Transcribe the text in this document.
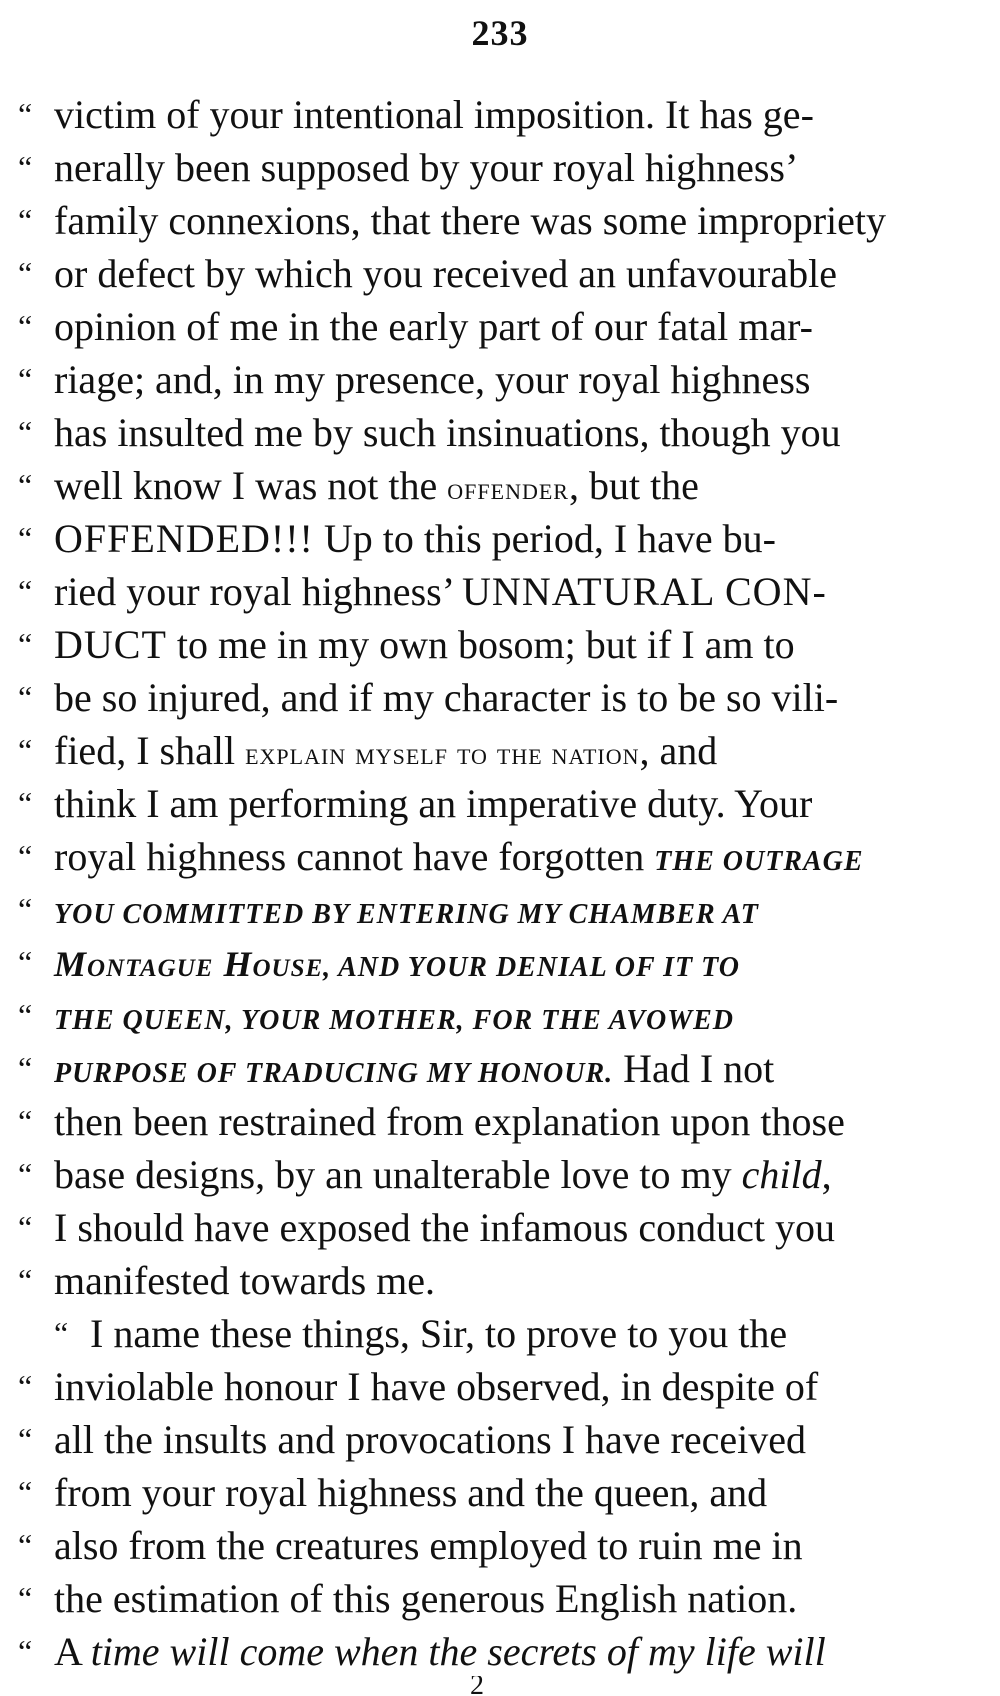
233
“ victim of your intentional imposition. It has ge-
“ nerally been supposed by your royal highness’
“ family connexions, that there was some impropriety
“ or defect by which you received an unfavourable
“ opinion of me in the early part of our fatal mar-
“ riage; and, in my presence, your royal highness
“ has insulted me by such insinuations, though you
“ well know I was not the offender, but the
“ OFFENDED!!! Up to this period, I have bu-
“ ried your royal highness’ UNNATURAL CON-
“ DUCT to me in my own bosom; but if I am to
“ be so injured, and if my character is to be so vili-
“ fied, I shall explain myself to the nation, and
“ think I am performing an imperative duty. Your
“ royal highness cannot have forgotten THE OUTRAGE
“ YOU COMMITTED BY ENTERING MY CHAMBER AT
“ Montague House, AND YOUR DENIAL OF IT TO
“ THE QUEEN, YOUR MOTHER, FOR THE AVOWED
“ PURPOSE OF TRADUCING MY HONOUR. Had I not
“ then been restrained from explanation upon those
“ base designs, by an unalterable love to my child,
“ I should have exposed the infamous conduct you
“ manifested towards me.
“ I name these things, Sir, to prove to you the
“ inviolable honour I have observed, in despite of
“ all the insults and provocations I have received
“ from your royal highness and the queen, and
“ also from the creatures employed to ruin me in
“ the estimation of this generous English nation.
“ A time will come when the secrets of my life will
2
